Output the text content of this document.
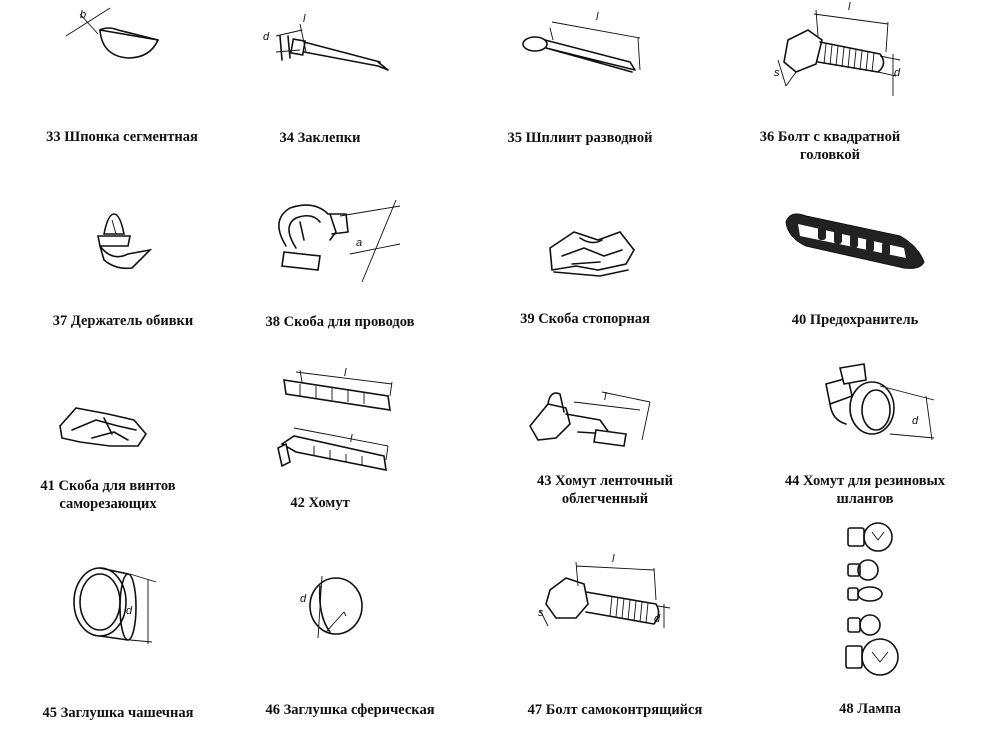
b
d
l	l
l
s	d
a
l
l
l
d
d
d
l
s	d
33 Шпонка сегментная	34 Заклепки	35 Шплинт разводной	36 Болт с квадратной
головкой
37 Держатель обивки	38 Скоба для проводов	39 Скоба стопорная	40 Предохранитель
41 Скоба для винтов
саморезающих	42 Хомут
43 Хомут ленточный
облегченный
44 Хомут для резиновых
шлангов
45 Заглушка чашечная	46 Заглушка сферическая	47 Болт самоконтрящийся	48 Лампа
